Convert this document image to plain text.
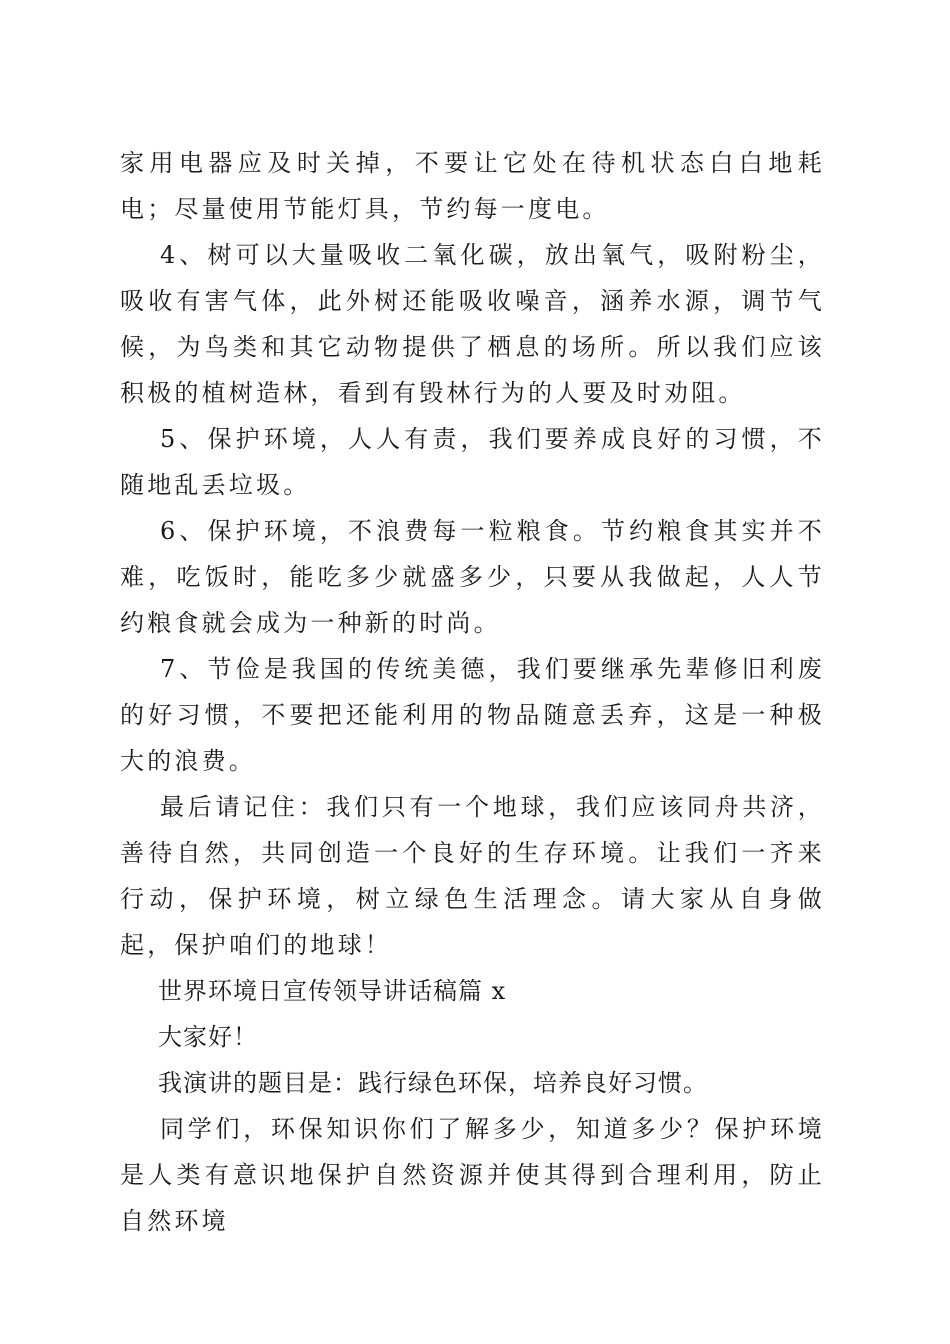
家用电器应及时关掉，不要让它处在待机状态白白地耗电；尽量使用节能灯具，节约每一度电。

4、树可以大量吸收二氧化碳，放出氧气，吸附粉尘，吸收有害气体，此外树还能吸收噪音，涵养水源，调节气候，为鸟类和其它动物提供了栖息的场所。所以我们应该积极的植树造林，看到有毁林行为的人要及时劝阻。

5、保护环境，人人有责，我们要养成良好的习惯，不随地乱丢垃圾。

6、保护环境，不浪费每一粒粮食。节约粮食其实并不难，吃饭时，能吃多少就盛多少，只要从我做起，人人节约粮食就会成为一种新的时尚。

7、节俭是我国的传统美德，我们要继承先辈修旧利废的好习惯，不要把还能利用的物品随意丢弃，这是一种极大的浪费。

最后请记住：我们只有一个地球，我们应该同舟共济，善待自然，共同创造一个良好的生存环境。让我们一齐来行动，保护环境，树立绿色生活理念。请大家从自身做起，保护咱们的地球！

世界环境日宣传领导讲话稿篇 x

大家好！

我演讲的题目是：践行绿色环保，培养良好习惯。

同学们，环保知识你们了解多少，知道多少？保护环境是人类有意识地保护自然资源并使其得到合理利用，防止自然环境
